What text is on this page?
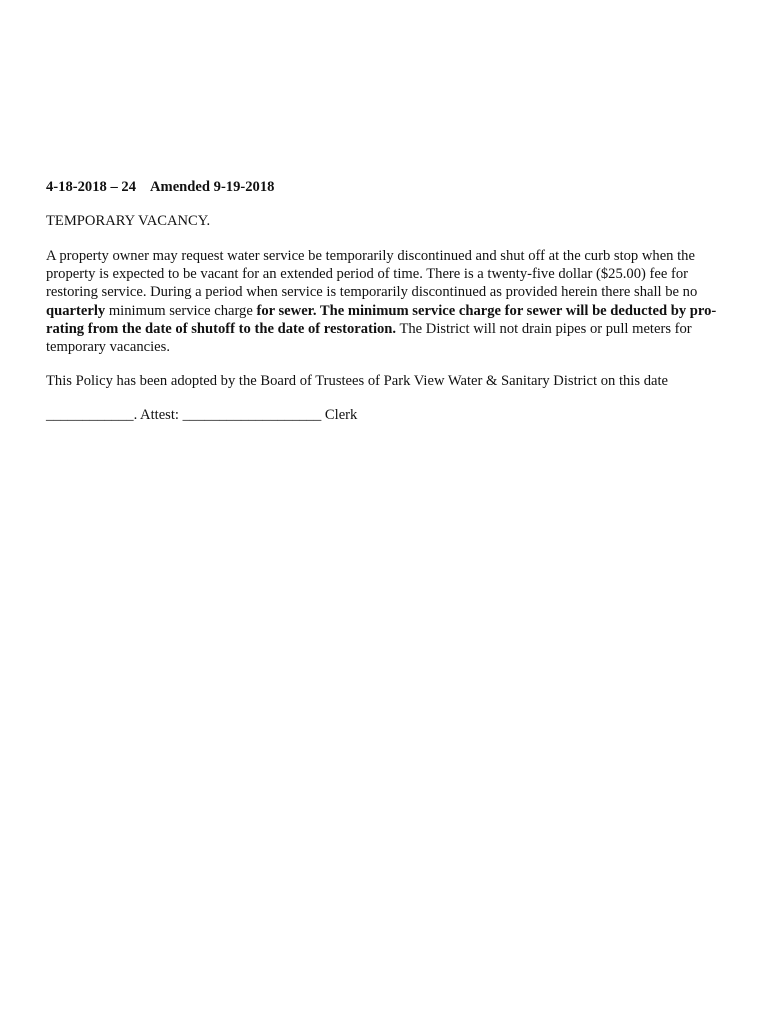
4-18-2018 – 24 Amended 9-19-2018

TEMPORARY VACANCY.

A property owner may request water service be temporarily discontinued and shut off at the curb stop when the property is expected to be vacant for an extended period of time. There is a twenty-five dollar ($25.00) fee for restoring service. During a period when service is temporarily discontinued as provided herein there shall be no quarterly minimum service charge for sewer. The minimum service charge for sewer will be deducted by pro-rating from the date of shutoff to the date of restoration. The District will not drain pipes or pull meters for temporary vacancies.

This Policy has been adopted by the Board of Trustees of Park View Water & Sanitary District on this date

____________. Attest: ___________________ Clerk
